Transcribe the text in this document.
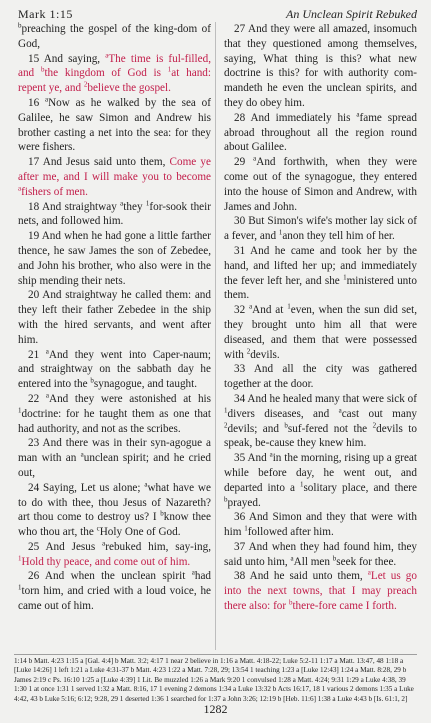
Mark 1:15	An Unclean Spirit Rebuked

$^b$preaching the gospel of the king-dom of God,

15 And saying, $^a$The time is ful-filled, and $^b$the kingdom of God is $^1$at hand: repent ye, and $^2$believe the gospel.

16 $^a$Now as he walked by the sea of Galilee, he saw Simon and Andrew his brother casting a net into the sea: for they were fishers.

17 And Jesus said unto them, Come ye after me, and I will make you to become $^a$fishers of men.

18 And straightway $^a$they $^1$for-sook their nets, and followed him.

19 And when he had gone a little farther thence, he saw James the son of Zebedee, and John his brother, who also were in the ship mending their nets.

20 And straightway he called them: and they left their father Zebedee in the ship with the hired servants, and went after him.

21 $^a$And they went into Caper-naum; and straightway on the sabbath day he entered into the $^b$synagogue, and taught.

22 $^a$And they were astonished at his $^1$doctrine: for he taught them as one that had authority, and not as the scribes.

23 And there was in their syn-agogue a man with an $^a$unclean spirit; and he cried out,

24 Saying, Let us alone; $^a$what have we to do with thee, thou Jesus of Nazareth? art thou come to destroy us? I $^b$know thee who thou art, the $^c$Holy One of God.

25 And Jesus $^a$rebuked him, say-ing, $^1$Hold thy peace, and come out of him.

26 And when the unclean spirit $^a$had $^1$torn him, and cried with a loud voice, he came out of him.

27 And they were all amazed, insomuch that they questioned among themselves, saying, What thing is this? what new doctrine is this? for with authority com-mandeth he even the unclean spirits, and they do obey him.

28 And immediately his $^a$fame spread abroad throughout all the region round about Galilee.

29 $^a$And forthwith, when they were come out of the synagogue, they entered into the house of Simon and Andrew, with James and John.

30 But Simon's wife's mother lay sick of a fever, and $^1$anon they tell him of her.

31 And he came and took her by the hand, and lifted her up; and immediately the fever left her, and she $^1$ministered unto them.

32 $^a$And at $^1$even, when the sun did set, they brought unto him all that were diseased, and them that were possessed with $^2$devils.

33 And all the city was gathered together at the door.

34 And he healed many that were sick of $^1$divers diseases, and $^a$cast out many $^2$devils; and $^b$suf-fered not the $^2$devils to speak, be-cause they knew him.

35 And $^a$in the morning, rising up a great while before day, he went out, and departed into a $^1$solitary place, and there $^b$prayed.

36 And Simon and they that were with him $^1$followed after him.

37 And when they had found him, they said unto him, $^a$All men $^b$seek for thee.

38 And he said unto them, $^a$Let us go into the next towns, that I may preach there also: for $^b$there-fore came I forth.

1:14 b Matt. 4:23 1:15 a [Gal. 4:4] b Matt. 3:2; 4:17 1 near 2 believe in 1:16 a Matt. 4:18-22; Luke 5:2-11 1:17 a Matt. 13:47, 48 1:18 a [Luke 14:26] 1 left 1:21 a Luke 4:31-37 b Matt. 4:23 1:22 a Matt. 7:28, 29; 13:54 1 teaching 1:23 a [Luke 12:43] 1:24 a Matt. 8:28, 29 b James 2:19 c Ps. 16:10 1:25 a [Luke 4:39] 1 Lit. Be muzzled 1:26 a Mark 9:20 1 convulsed 1:28 a Matt. 4:24; 9:31 1:29 a Luke 4:38, 39 1:30 1 at once 1:31 1 served 1:32 a Matt. 8:16, 17 1 evening 2 demons 1:34 a Luke 13:32 b Acts 16:17, 18 1 various 2 demons 1:35 a Luke 4:42, 43 b Luke 5:16; 6:12; 9:28, 29 1 deserted 1:36 1 searched for 1:37 a John 3:26; 12:19 b [Heb. 11:6] 1:38 a Luke 4:43 b [Is. 61:1, 2]
1282
